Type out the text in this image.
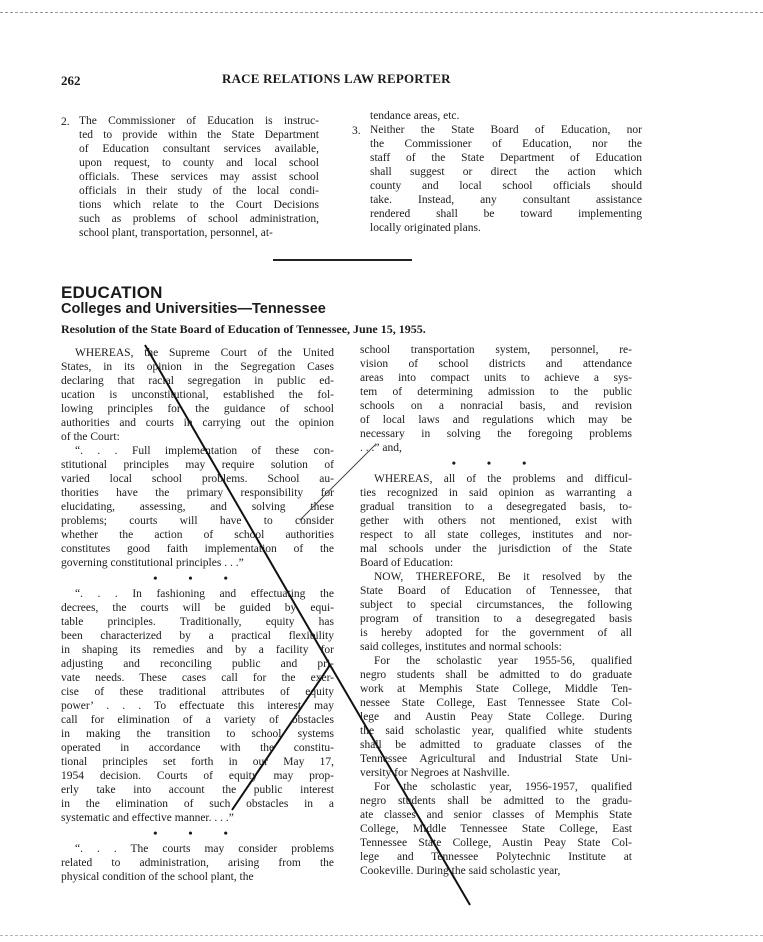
262	RACE RELATIONS LAW REPORTER
2. The Commissioner of Education is instruc-

ted to provide within the State Department

of Education consultant services available,

upon request, to county and local school

officials. These services may assist school

officials in their study of the local condi-

tions which relate to the Court Decisions

such as problems of school administration,

school plant, transportation, personnel, at-

tendance areas, etc.

3. Neither the State Board of Education, nor

the Commissioner of Education, nor the

staff of the State Department of Education

shall suggest or direct the action which

county and local school officials should

take. Instead, any consultant assistance

rendered shall be toward implementing

locally originated plans.

EDUCATION
Colleges and Universities—Tennessee
Resolution of the State Board of Education of Tennessee, June 15, 1955.

WHEREAS, the Supreme Court of the United

States, in its opinion in the Segregation Cases

declaring that racial segregation in public ed-

ucation is unconstitutional, established the fol-

lowing principles for the guidance of school

authorities and courts in carrying out the opinion

of the Court:

“. . . Full implementation of these con-

stitutional principles may require solution of

varied local school problems. School au-

thorities have the primary responsibility for

elucidating, assessing, and solving these

problems; courts will have to consider

whether the action of school authorities

constitutes good faith implementation of the

governing constitutional principles . . .”

• • •

“. . . In fashioning and effectuating the

decrees, the courts will be guided by equi-

table principles. Traditionally, equity has

been characterized by a practical flexibility

in shaping its remedies and by a facility for

adjusting and reconciling public and pri-

vate needs. These cases call for the exer-

cise of these traditional attributes of equity

power’ . . . To effectuate this interest may

call for elimination of a variety of obstacles

in making the transition to school systems

operated in accordance with the constitu-

tional principles set forth in our May 17,

1954 decision. Courts of equity may prop-

erly take into account the public interest

in the elimination of such obstacles in a

systematic and effective manner. . . .”

• • •

“. . . The courts may consider problems

related to administration, arising from the

physical condition of the school plant, the

school transportation system, personnel, re-

vision of school districts and attendance

areas into compact units to achieve a sys-

tem of determining admission to the public

schools on a nonracial basis, and revision

of local laws and regulations which may be

necessary in solving the foregoing problems

. . .” and,

• • •

WHEREAS, all of the problems and difficul-

ties recognized in said opinion as warranting a

gradual transition to a desegregated basis, to-

gether with others not mentioned, exist with

respect to all state colleges, institutes and nor-

mal schools under the jurisdiction of the State

Board of Education:

NOW, THEREFORE, Be it resolved by the

State Board of Education of Tennessee, that

subject to special circumstances, the following

program of transition to a desegregated basis

is hereby adopted for the government of all

said colleges, institutes and normal schools:

For the scholastic year 1955-56, qualified

negro students shall be admitted to do graduate

work at Memphis State College, Middle Ten-

nessee State College, East Tennessee State Col-

lege and Austin Peay State College. During

the said scholastic year, qualified white students

shall be admitted to graduate classes of the

Tennessee Agricultural and Industrial State Uni-

versity for Negroes at Nashville.

For the scholastic year, 1956-1957, qualified

negro students shall be admitted to the gradu-

ate classes and senior classes of Memphis State

College, Middle Tennessee State College, East

Tennessee State College, Austin Peay State Col-

lege and Tennessee Polytechnic Institute at

Cookeville. During the said scholastic year,
